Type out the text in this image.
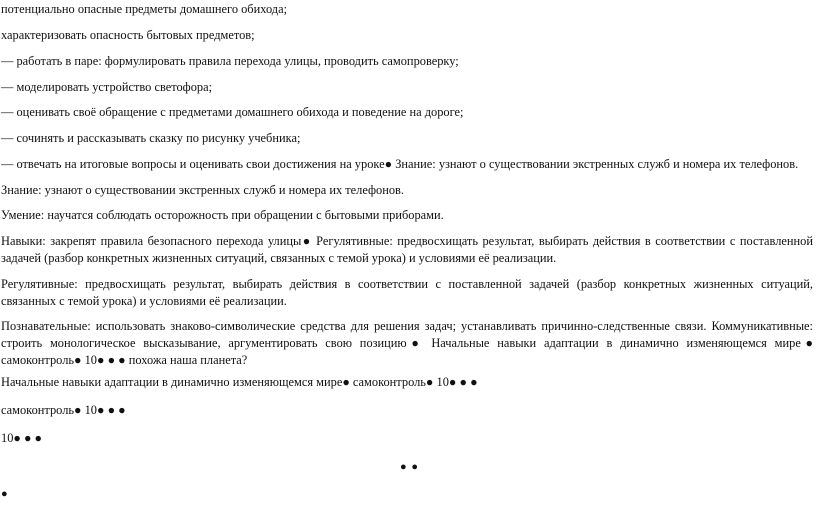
потенциально опасные предметы домашнего обихода;

характеризовать опасность бытовых предметов;

— работать в паре: формулировать правила перехода улицы, проводить самопроверку;

— моделировать устройство светофора;

— оценивать своё обращение с предметами домашнего обихода и поведение на дороге;

— сочинять и рассказывать сказку по рисунку учебника;

— отвечать на итоговые вопросы и оценивать свои достижения на уроке● Знание: узнают о существовании экстренных служб и номера их телефонов.

Знание: узнают о существовании экстренных служб и номера их телефонов.

Умение: научатся соблюдать осторожность при обращении с бытовыми приборами.

Навыки: закрепят правила безопасного перехода улицы● Регулятивные: предвосхищать результат, выбирать действия в соответствии с поставленной задачей (разбор конкретных жизненных ситуаций, связанных с темой урока) и условиями её реализации.

Регулятивные: предвосхищать результат, выбирать действия в соответствии с поставленной задачей (разбор конкретных жизненных ситуаций, связанных с темой урока) и условиями её реализации.

Познавательные: использовать знаково-символические средства для решения задач; устанавливать причинно-следственные связи. Коммуникативные: строить монологическое высказывание, аргументировать свою позицию● Начальные навыки адаптации в динамично изменяющемся мире● самоконтроль● 10● ● ● похожа наша планета?

Начальные навыки адаптации в динамично изменяющемся мире● самоконтроль● 10● ● ●

самоконтроль● 10● ● ●

10● ● ●

● ●
●
